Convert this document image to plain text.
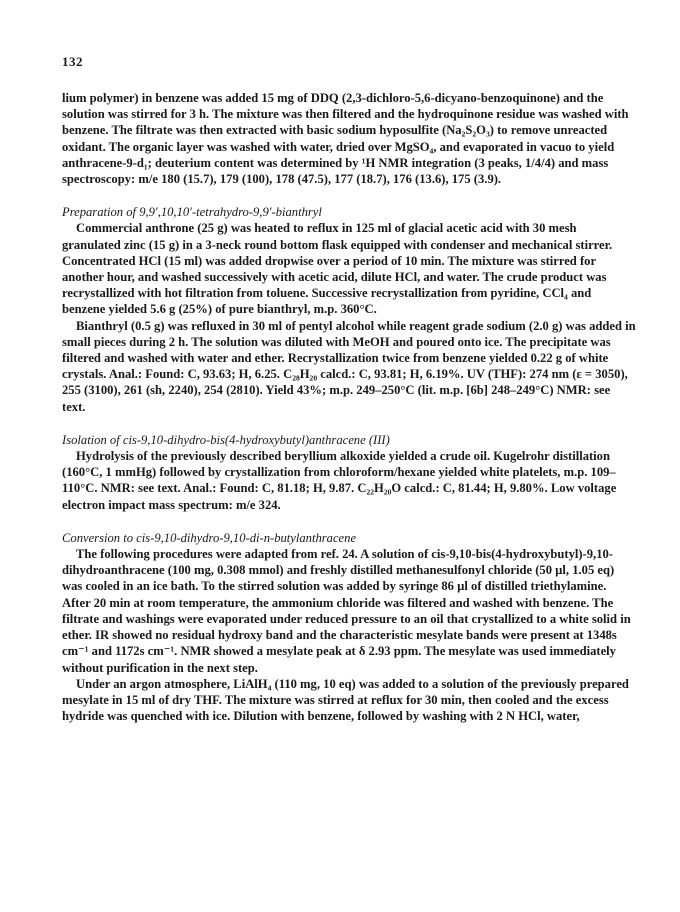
132

lium polymer) in benzene was added 15 mg of DDQ (2,3-dichloro-5,6-dicyano-benzoquinone) and the solution was stirred for 3 h. The mixture was then filtered and the hydroquinone residue was washed with benzene. The filtrate was then extracted with basic sodium hyposulfite (Na₂S₂O₃) to remove unreacted oxidant. The organic layer was washed with water, dried over MgSO₄, and evaporated in vacuo to yield anthracene-9-d₁; deuterium content was determined by ¹H NMR integration (3 peaks, 1/4/4) and mass spectroscopy: m/e 180 (15.7), 179 (100), 178 (47.5), 177 (18.7), 176 (13.6), 175 (3.9).

Preparation of 9,9′,10,10′-tetrahydro-9,9′-bianthryl

Commercial anthrone (25 g) was heated to reflux in 125 ml of glacial acetic acid with 30 mesh granulated zinc (15 g) in a 3-neck round bottom flask equipped with condenser and mechanical stirrer. Concentrated HCl (15 ml) was added dropwise over a period of 10 min. The mixture was stirred for another hour, and washed successively with acetic acid, dilute HCl, and water. The crude product was recrystallized with hot filtration from toluene. Successive recrystallization from pyridine, CCl₄ and benzene yielded 5.6 g (25%) of pure bianthryl, m.p. 360°C.

Bianthryl (0.5 g) was refluxed in 30 ml of pentyl alcohol while reagent grade sodium (2.0 g) was added in small pieces during 2 h. The solution was diluted with MeOH and poured onto ice. The precipitate was filtered and washed with water and ether. Recrystallization twice from benzene yielded 0.22 g of white crystals. Anal.: Found: C, 93.63; H, 6.25. C₂₈H₂₀ calcd.: C, 93.81; H, 6.19%. UV (THF): 274 nm (ε = 3050), 255 (3100), 261 (sh, 2240), 254 (2810). Yield 43%; m.p. 249–250°C (lit. m.p. [6b] 248–249°C) NMR: see text.

Isolation of cis-9,10-dihydro-bis(4-hydroxybutyl)anthracene (III)

Hydrolysis of the previously described beryllium alkoxide yielded a crude oil. Kugelrohr distillation (160°C, 1 mmHg) followed by crystallization from chloroform/hexane yielded white platelets, m.p. 109–110°C. NMR: see text. Anal.: Found: C, 81.18; H, 9.87. C₂₂H₂₀O calcd.: C, 81.44; H, 9.80%. Low voltage electron impact mass spectrum: m/e 324.

Conversion to cis-9,10-dihydro-9,10-di-n-butylanthracene

The following procedures were adapted from ref. 24. A solution of cis-9,10-bis(4-hydroxybutyl)-9,10-dihydroanthracene (100 mg, 0.308 mmol) and freshly distilled methanesulfonyl chloride (50 µl, 1.05 eq) was cooled in an ice bath. To the stirred solution was added by syringe 86 µl of distilled triethylamine. After 20 min at room temperature, the ammonium chloride was filtered and washed with benzene. The filtrate and washings were evaporated under reduced pressure to an oil that crystallized to a white solid in ether. IR showed no residual hydroxy band and the characteristic mesylate bands were present at 1348s cm⁻¹ and 1172s cm⁻¹. NMR showed a mesylate peak at δ 2.93 ppm. The mesylate was used immediately without purification in the next step.

Under an argon atmosphere, LiAlH₄ (110 mg, 10 eq) was added to a solution of the previously prepared mesylate in 15 ml of dry THF. The mixture was stirred at reflux for 30 min, then cooled and the excess hydride was quenched with ice. Dilution with benzene, followed by washing with 2 N HCl, water,
